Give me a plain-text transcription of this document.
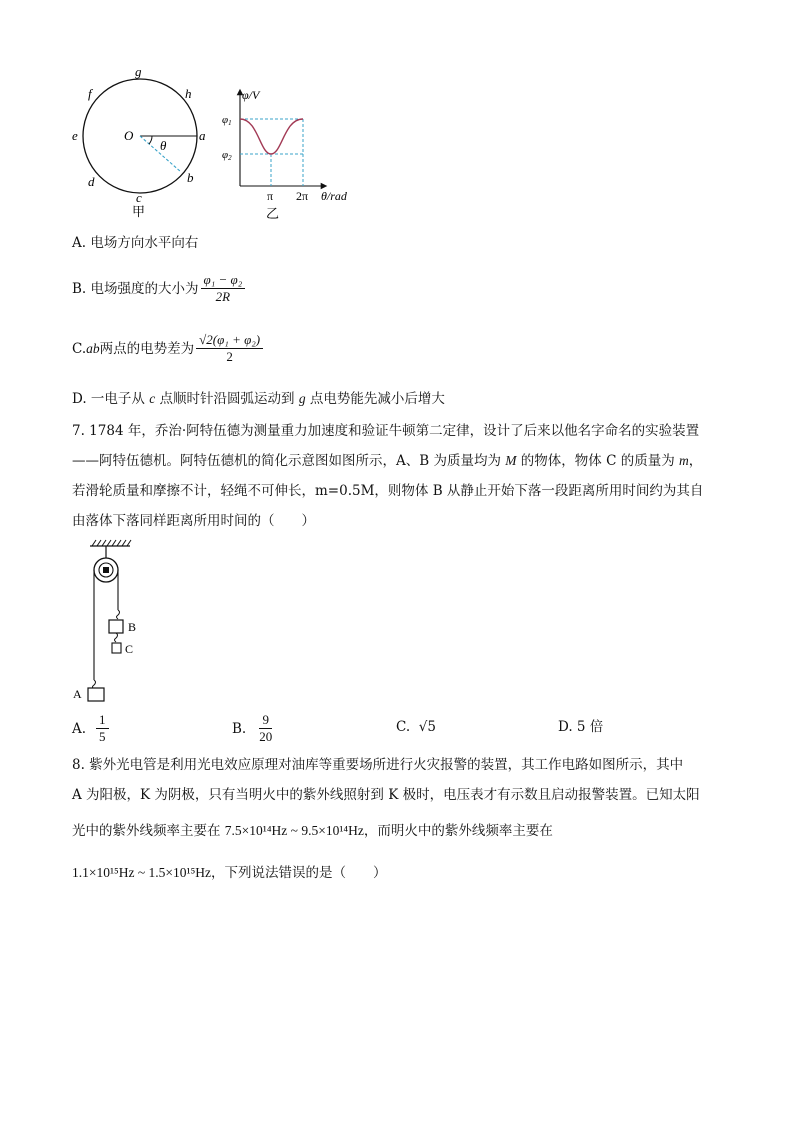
g
h
f
e	a
d	b
c
O
θ
甲
φ/V
φ1
φ2
π 2π θ/rad
乙
A. 电场方向水平向右
B. 电场强度的大小为 $\frac{\text{φ₁ − φ₂}}{2R}$
C. ab 两点的电势差为 $\frac{\text{√2(φ₁ + φ₂)}}{2}$
D. 一电子从 c 点顺时针沿圆弧运动到 g 点电势能先减小后增大
7. 1784 年，乔治·阿特伍德为测量重力加速度和验证牛顿第二定律，设计了后来以他名字命名的实验装置
——阿特伍德机。阿特伍德机的简化示意图如图所示，A、B 为质量均为 M 的物体，物体 C 的质量为 m，
若滑轮质量和摩擦不计，轻绳不可伸长，m=0.5M，则物体 B 从静止开始下落一段距离所用时间约为其自
由落体下落同样距离所用时间的（　　）
B
C
A
A. $\frac{1}{5}$	B. $\frac{9}{20}$	C. √5	D. 5 倍
8. 紫外光电管是利用光电效应原理对油库等重要场所进行火灾报警的装置，其工作电路如图所示，其中
A 为阳极，K 为阴极，只有当明火中的紫外线照射到 K 极时，电压表才有示数且启动报警装置。已知太阳
光中的紫外线频率主要在 7.5×10¹⁴Hz ~ 9.5×10¹⁴Hz，而明火中的紫外线频率主要在
1.1×10¹⁵Hz ~ 1.5×10¹⁵Hz，下列说法错误的是（　　）
